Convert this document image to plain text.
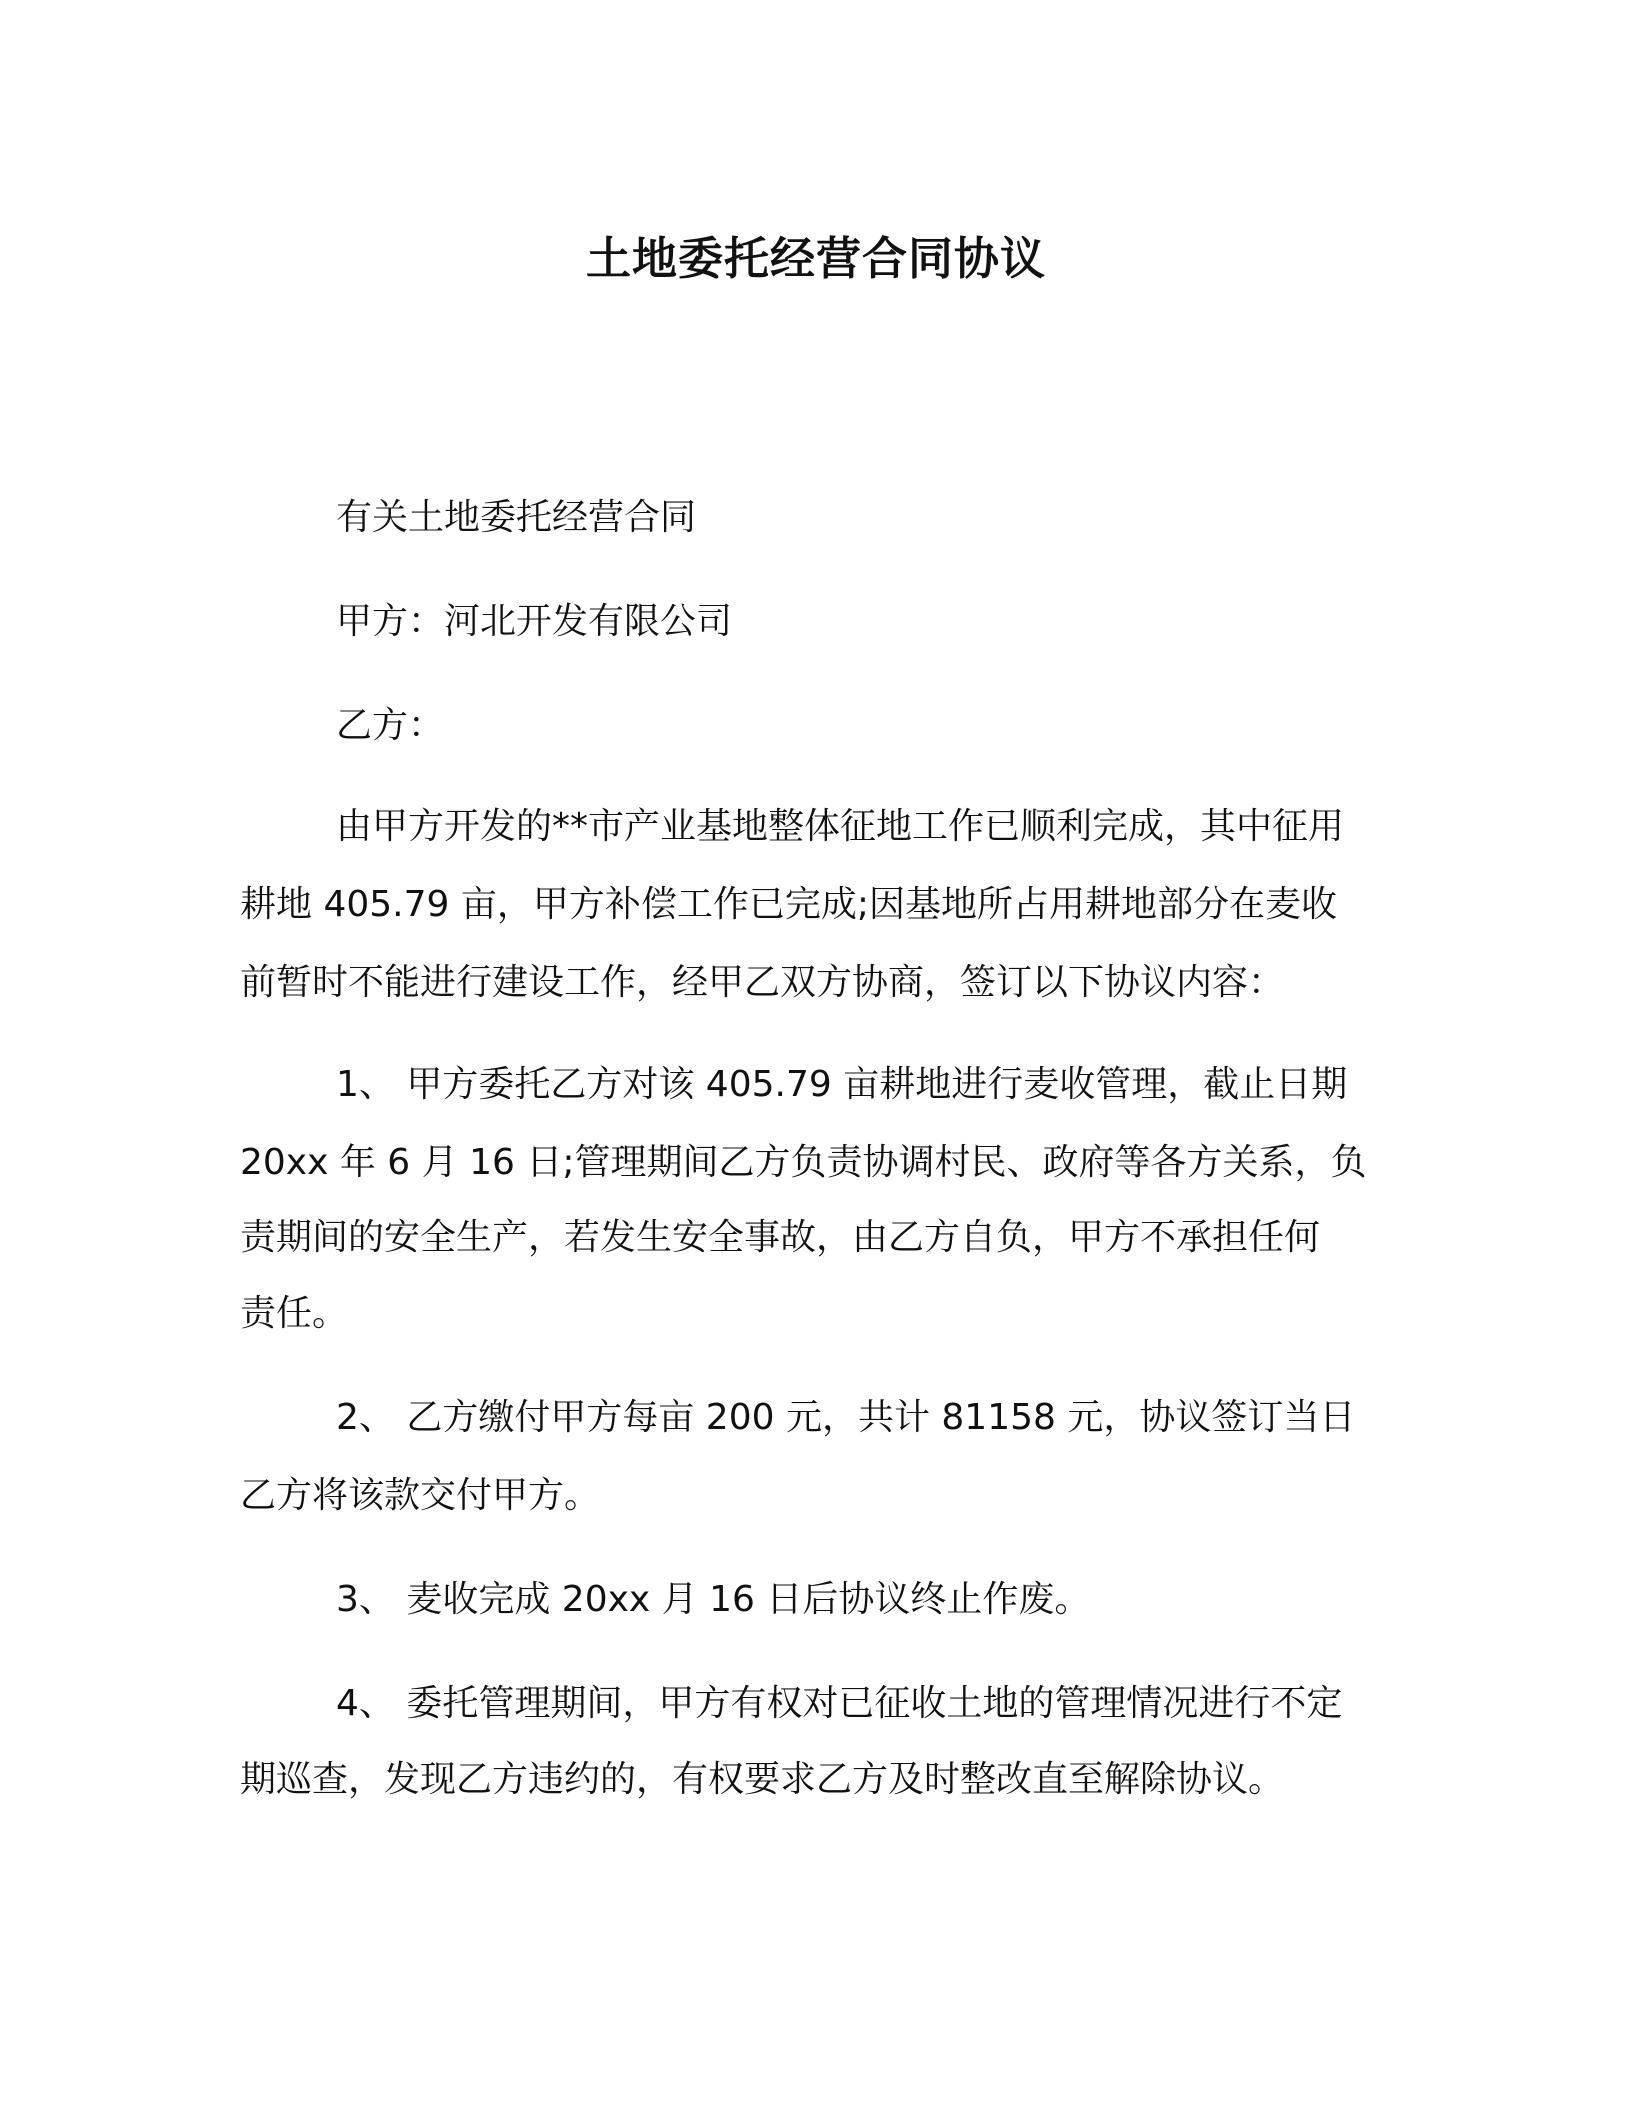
土地委托经营合同协议
有关土地委托经营合同
甲方：河北开发有限公司
乙方：
由甲方开发的**市产业基地整体征地工作已顺利完成，其中征用
耕地 405.79 亩，甲方补偿工作已完成;因基地所占用耕地部分在麦收
前暂时不能进行建设工作，经甲乙双方协商，签订以下协议内容：
1、 甲方委托乙方对该 405.79 亩耕地进行麦收管理，截止日期
20xx 年 6 月 16 日;管理期间乙方负责协调村民、政府等各方关系，负
责期间的安全生产，若发生安全事故，由乙方自负，甲方不承担任何
责任。
2、 乙方缴付甲方每亩 200 元，共计 81158 元，协议签订当日
乙方将该款交付甲方。
3、 麦收完成 20xx 月 16 日后协议终止作废。
4、 委托管理期间，甲方有权对已征收土地的管理情况进行不定
期巡查，发现乙方违约的，有权要求乙方及时整改直至解除协议。
